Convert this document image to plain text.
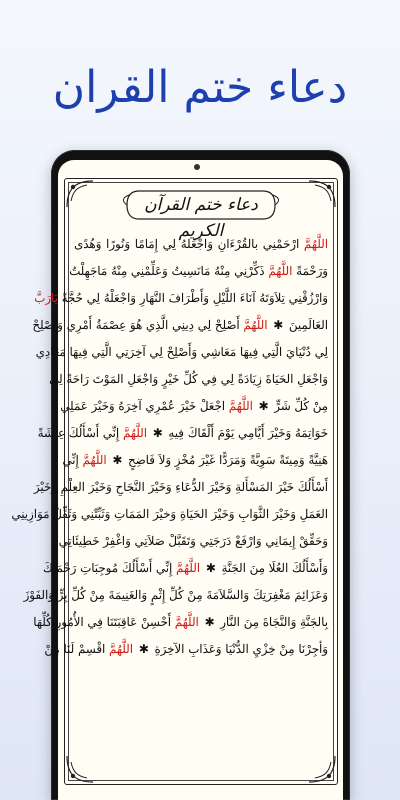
دعاء ختم القران
دعاء ختم القرآن الكريم
اللَّهُمَّ ارْحَمْنِي بالقُرْءَانِ وَاجْعَلهُ لِي إِمَامًا وَنُورًا وَهُدًى
وَرَحْمَةً اللَّهُمَّ ذَكِّرْنِي مِنْهُ مَانَسِيتُ وَعَلِّمْنِي مِنْهُ مَاجَهِلْتُ
وَارْزُقْنِي تِلاَوَتَهُ آنَاءَ اللَّيْلِ وَأَطْرَافَ النَّهَارِ وَاجْعَلْهُ لِي حُجَّةً يَارَبَّ
العَالَمِينَ ✱ اللَّهُمَّ أَصْلِحْ لِي دِينِي الَّذِي هُوَ عِصْمَةُ أَمْرِي وَأَصْلِحْ
لِي دُنْيَايَ الَّتِي فِيهَا مَعَاشِي وَأَصْلِحْ لِي آخِرَتِي الَّتِي فِيهَا مَعَادِي
وَاجْعَلِ الحَيَاةَ زِيَادَةً لِي فِي كُلِّ خَيْرٍ وَاجْعَلِ المَوْتَ رَاحَةً لِي
مِنْ كُلِّ شَرٍّ ✱ اللَّهُمَّ اجْعَلْ خَيْرَ عُمْرِي آخِرَهُ وَخَيْرَ عَمَلِي
خَوَاتِمَهُ وَخَيْرَ أَيَّامِي يَوْمَ أَلْقَاكَ فِيهِ ✱ اللَّهُمَّ إِنِّي أَسْأَلُكَ عِيشَةً
هَنِيَّةً وَمِيتَةً سَوِيَّةً وَمَرَدًّا غَيْرَ مُخْزٍ وَلاَ فَاضِحٍ ✱ اللَّهُمَّ إِنِّي
أَسْأَلُكَ خَيْرَ المَسْأَلةِ وَخَيْرَ الدُّعَاءِ وَخَيْرَ النَّجَاحِ وَخَيْرَ العِلْمِ وَخَيْرَ
العَمَلِ وَخَيْرَ الثَّوَابِ وَخَيْرَ الحَيَاةِ وَخيْرَ المَمَاتِ وَثَبِّتْنِي وَثَقِّلْ مَوَازِينِي
وَحَقِّقْ إِيمَانِي وَارْفَعْ دَرَجَتِي وَتَقَبَّلْ صَلاَتِي وَاغْفِرْ خَطِيئَاتِي
وَأَسْأَلُكَ العُلَا مِنَ الجَنَّةِ ✱ اللَّهُمَّ إِنِّي أَسْأَلُكَ مُوجِبَاتِ رَحْمَتِكَ
وَعَزَائِمَ مَغْفِرَتِكَ وَالسَّلاَمَةَ مِنْ كُلِّ إِثْمٍ وَالغَنِيمَةَ مِنْ كُلِّ بِرٍّ وَالفَوْزَ
بِالجَنَّةِ وَالنَّجَاةَ مِنَ النَّارِ ✱ اللَّهُمَّ أَحْسِنْ عَاقِبَتَنَا فِي الأُمُورِ كُلِّهَا
وَأجِرْنَا مِنْ خِزْيِ الدُّنْيَا وَعَذَابِ الآخِرَةِ ✱ اللَّهُمَّ اقْسِمْ لَنَا مِنْ
